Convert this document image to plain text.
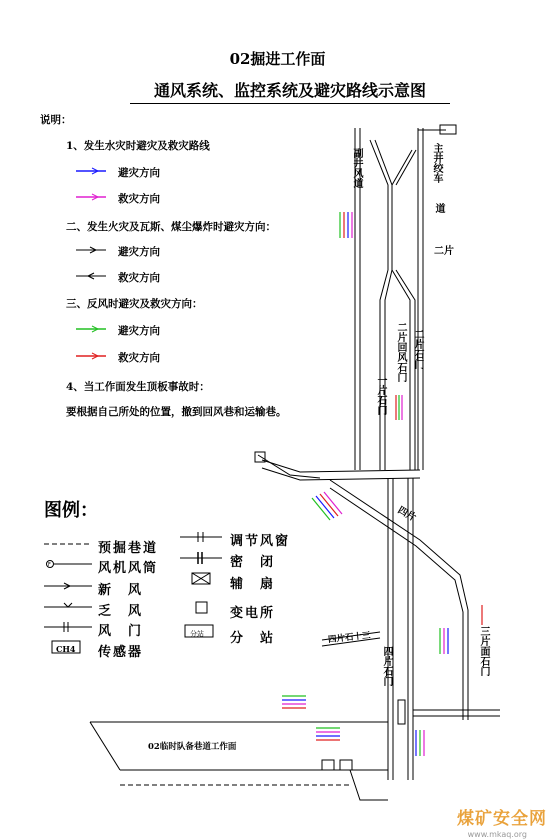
02掘进工作面
通风系统、监控系统及避灾路线示意图
说明：
1、发生水灾时避灾及救灾路线
避灾方向
救灾方向
二、发生火灾及瓦斯、煤尘爆炸时避灾方向：
避灾方向
救灾方向
三、反风时避灾及救灾方向：
避灾方向
救灾方向
4、当工作面发生顶板事故时：
要根据自己所处的位置，撤到回风巷和运输巷。
图例：
预掘巷道
风机风筒
新　风
乏　风
风　门
传感器
CH4
调节风窗
密　闭
辅　扇
变电所
分　站
副井风道	主井绞车
道
二片
二片回风石门 二片石门
一片石门
四片
三片面石门
四片石门
02临时队备巷道工作面
四片石十三
分站
F
煤矿安全网
www.mkaq.org
